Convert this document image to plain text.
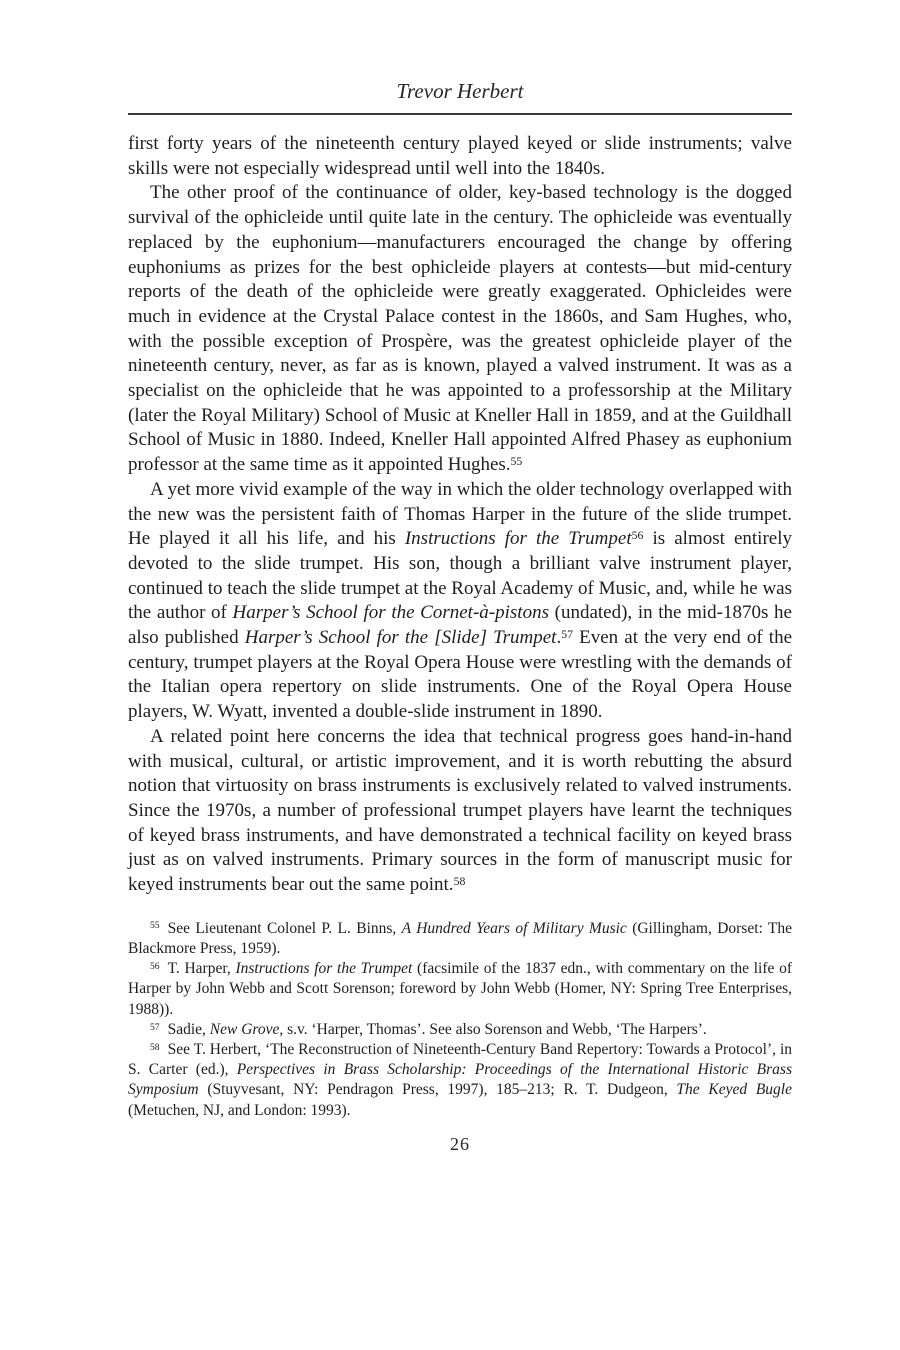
Trevor Herbert

first forty years of the nineteenth century played keyed or slide instruments; valve skills were not especially widespread until well into the 1840s.

The other proof of the continuance of older, key-based technology is the dogged survival of the ophicleide until quite late in the century. The ophicleide was eventually replaced by the euphonium—manufacturers encouraged the change by offering euphoniums as prizes for the best ophicleide players at contests—but mid-century reports of the death of the ophicleide were greatly exaggerated. Ophicleides were much in evidence at the Crystal Palace contest in the 1860s, and Sam Hughes, who, with the possible exception of Prospère, was the greatest ophicleide player of the nineteenth century, never, as far as is known, played a valved instrument. It was as a specialist on the ophicleide that he was appointed to a professorship at the Military (later the Royal Military) School of Music at Kneller Hall in 1859, and at the Guildhall School of Music in 1880. Indeed, Kneller Hall appointed Alfred Phasey as euphonium professor at the same time as it appointed Hughes.$^{55}$

A yet more vivid example of the way in which the older technology overlapped with the new was the persistent faith of Thomas Harper in the future of the slide trumpet. He played it all his life, and his Instructions for the Trumpet$^{56}$ is almost entirely devoted to the slide trumpet. His son, though a brilliant valve instrument player, continued to teach the slide trumpet at the Royal Academy of Music, and, while he was the author of Harper’s School for the Cornet-à-pistons (undated), in the mid-1870s he also published Harper’s School for the [Slide] Trumpet.$^{57}$ Even at the very end of the century, trumpet players at the Royal Opera House were wrestling with the demands of the Italian opera repertory on slide instruments. One of the Royal Opera House players, W. Wyatt, invented a double-slide instrument in 1890.

A related point here concerns the idea that technical progress goes hand-in-hand with musical, cultural, or artistic improvement, and it is worth rebutting the absurd notion that virtuosity on brass instruments is exclusively related to valved instruments. Since the 1970s, a number of professional trumpet players have learnt the techniques of keyed brass instruments, and have demonstrated a technical facility on keyed brass just as on valved instruments. Primary sources in the form of manuscript music for keyed instruments bear out the same point.$^{58}$

$^{55}$ See Lieutenant Colonel P. L. Binns, A Hundred Years of Military Music (Gillingham, Dorset: The Blackmore Press, 1959).

$^{56}$ T. Harper, Instructions for the Trumpet (facsimile of the 1837 edn., with commentary on the life of Harper by John Webb and Scott Sorenson; foreword by John Webb (Homer, NY: Spring Tree Enterprises, 1988)).

$^{57}$ Sadie, New Grove, s.v. ‘Harper, Thomas’. See also Sorenson and Webb, ‘The Harpers’.

$^{58}$ See T. Herbert, ‘The Reconstruction of Nineteenth-Century Band Repertory: Towards a Protocol’, in S. Carter (ed.), Perspectives in Brass Scholarship: Proceedings of the International Historic Brass Symposium (Stuyvesant, NY: Pendragon Press, 1997), 185–213; R. T. Dudgeon, The Keyed Bugle (Metuchen, NJ, and London: 1993).

26
